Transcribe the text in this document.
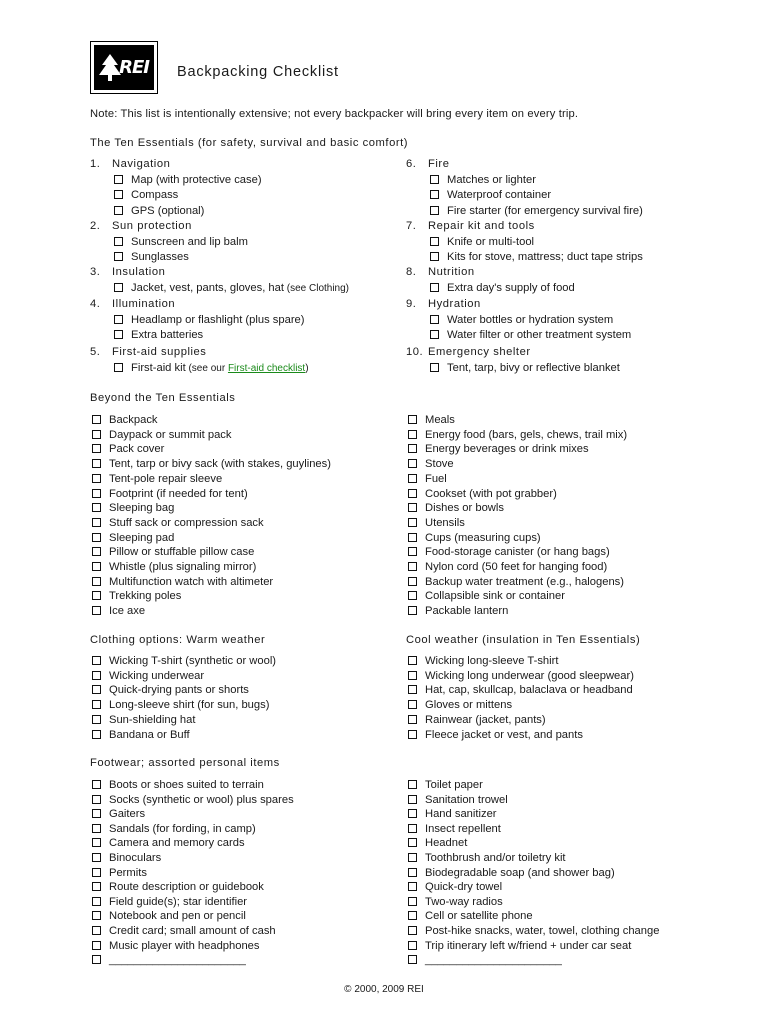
REI Backpacking Checklist
Note: This list is intentionally extensive; not every backpacker will bring every item on every trip.
The Ten Essentials (for safety, survival and basic comfort)
1. Navigation
Map (with protective case)
Compass
GPS (optional)
2. Sun protection
Sunscreen and lip balm
Sunglasses
3. Insulation
Jacket, vest, pants, gloves, hat (see Clothing)
4. Illumination
Headlamp or flashlight (plus spare)
Extra batteries
5. First-aid supplies
First-aid kit (see our First-aid checklist)
6. Fire
Matches or lighter
Waterproof container
Fire starter (for emergency survival fire)
7. Repair kit and tools
Knife or multi-tool
Kits for stove, mattress; duct tape strips
8. Nutrition
Extra day's supply of food
9. Hydration
Water bottles or hydration system
Water filter or other treatment system
10. Emergency shelter
Tent, tarp, bivy or reflective blanket
Beyond the Ten Essentials
Backpack
Daypack or summit pack
Pack cover
Tent, tarp or bivy sack (with stakes, guylines)
Tent-pole repair sleeve
Footprint (if needed for tent)
Sleeping bag
Stuff sack or compression sack
Sleeping pad
Pillow or stuffable pillow case
Whistle (plus signaling mirror)
Multifunction watch with altimeter
Trekking poles
Ice axe
Meals
Energy food (bars, gels, chews, trail mix)
Energy beverages or drink mixes
Stove
Fuel
Cookset (with pot grabber)
Dishes or bowls
Utensils
Cups (measuring cups)
Food-storage canister (or hang bags)
Nylon cord (50 feet for hanging food)
Backup water treatment (e.g., halogens)
Collapsible sink or container
Packable lantern
Clothing options: Warm weather	Cool weather (insulation in Ten Essentials)
Wicking T-shirt (synthetic or wool)
Wicking underwear
Quick-drying pants or shorts
Long-sleeve shirt (for sun, bugs)
Sun-shielding hat
Bandana or Buff
Wicking long-sleeve T-shirt
Wicking long underwear (good sleepwear)
Hat, cap, skullcap, balaclava or headband
Gloves or mittens
Rainwear (jacket, pants)
Fleece jacket or vest, and pants
Footwear; assorted personal items
Boots or shoes suited to terrain
Socks (synthetic or wool) plus spares
Gaiters
Sandals (for fording, in camp)
Camera and memory cards
Binoculars
Permits
Route description or guidebook
Field guide(s); star identifier
Notebook and pen or pencil
Credit card; small amount of cash
Music player with headphones
______________________
Toilet paper
Sanitation trowel
Hand sanitizer
Insect repellent
Headnet
Toothbrush and/or toiletry kit
Biodegradable soap (and shower bag)
Quick-dry towel
Two-way radios
Cell or satellite phone
Post-hike snacks, water, towel, clothing change
Trip itinerary left w/friend + under car seat
______________________
© 2000, 2009 REI
